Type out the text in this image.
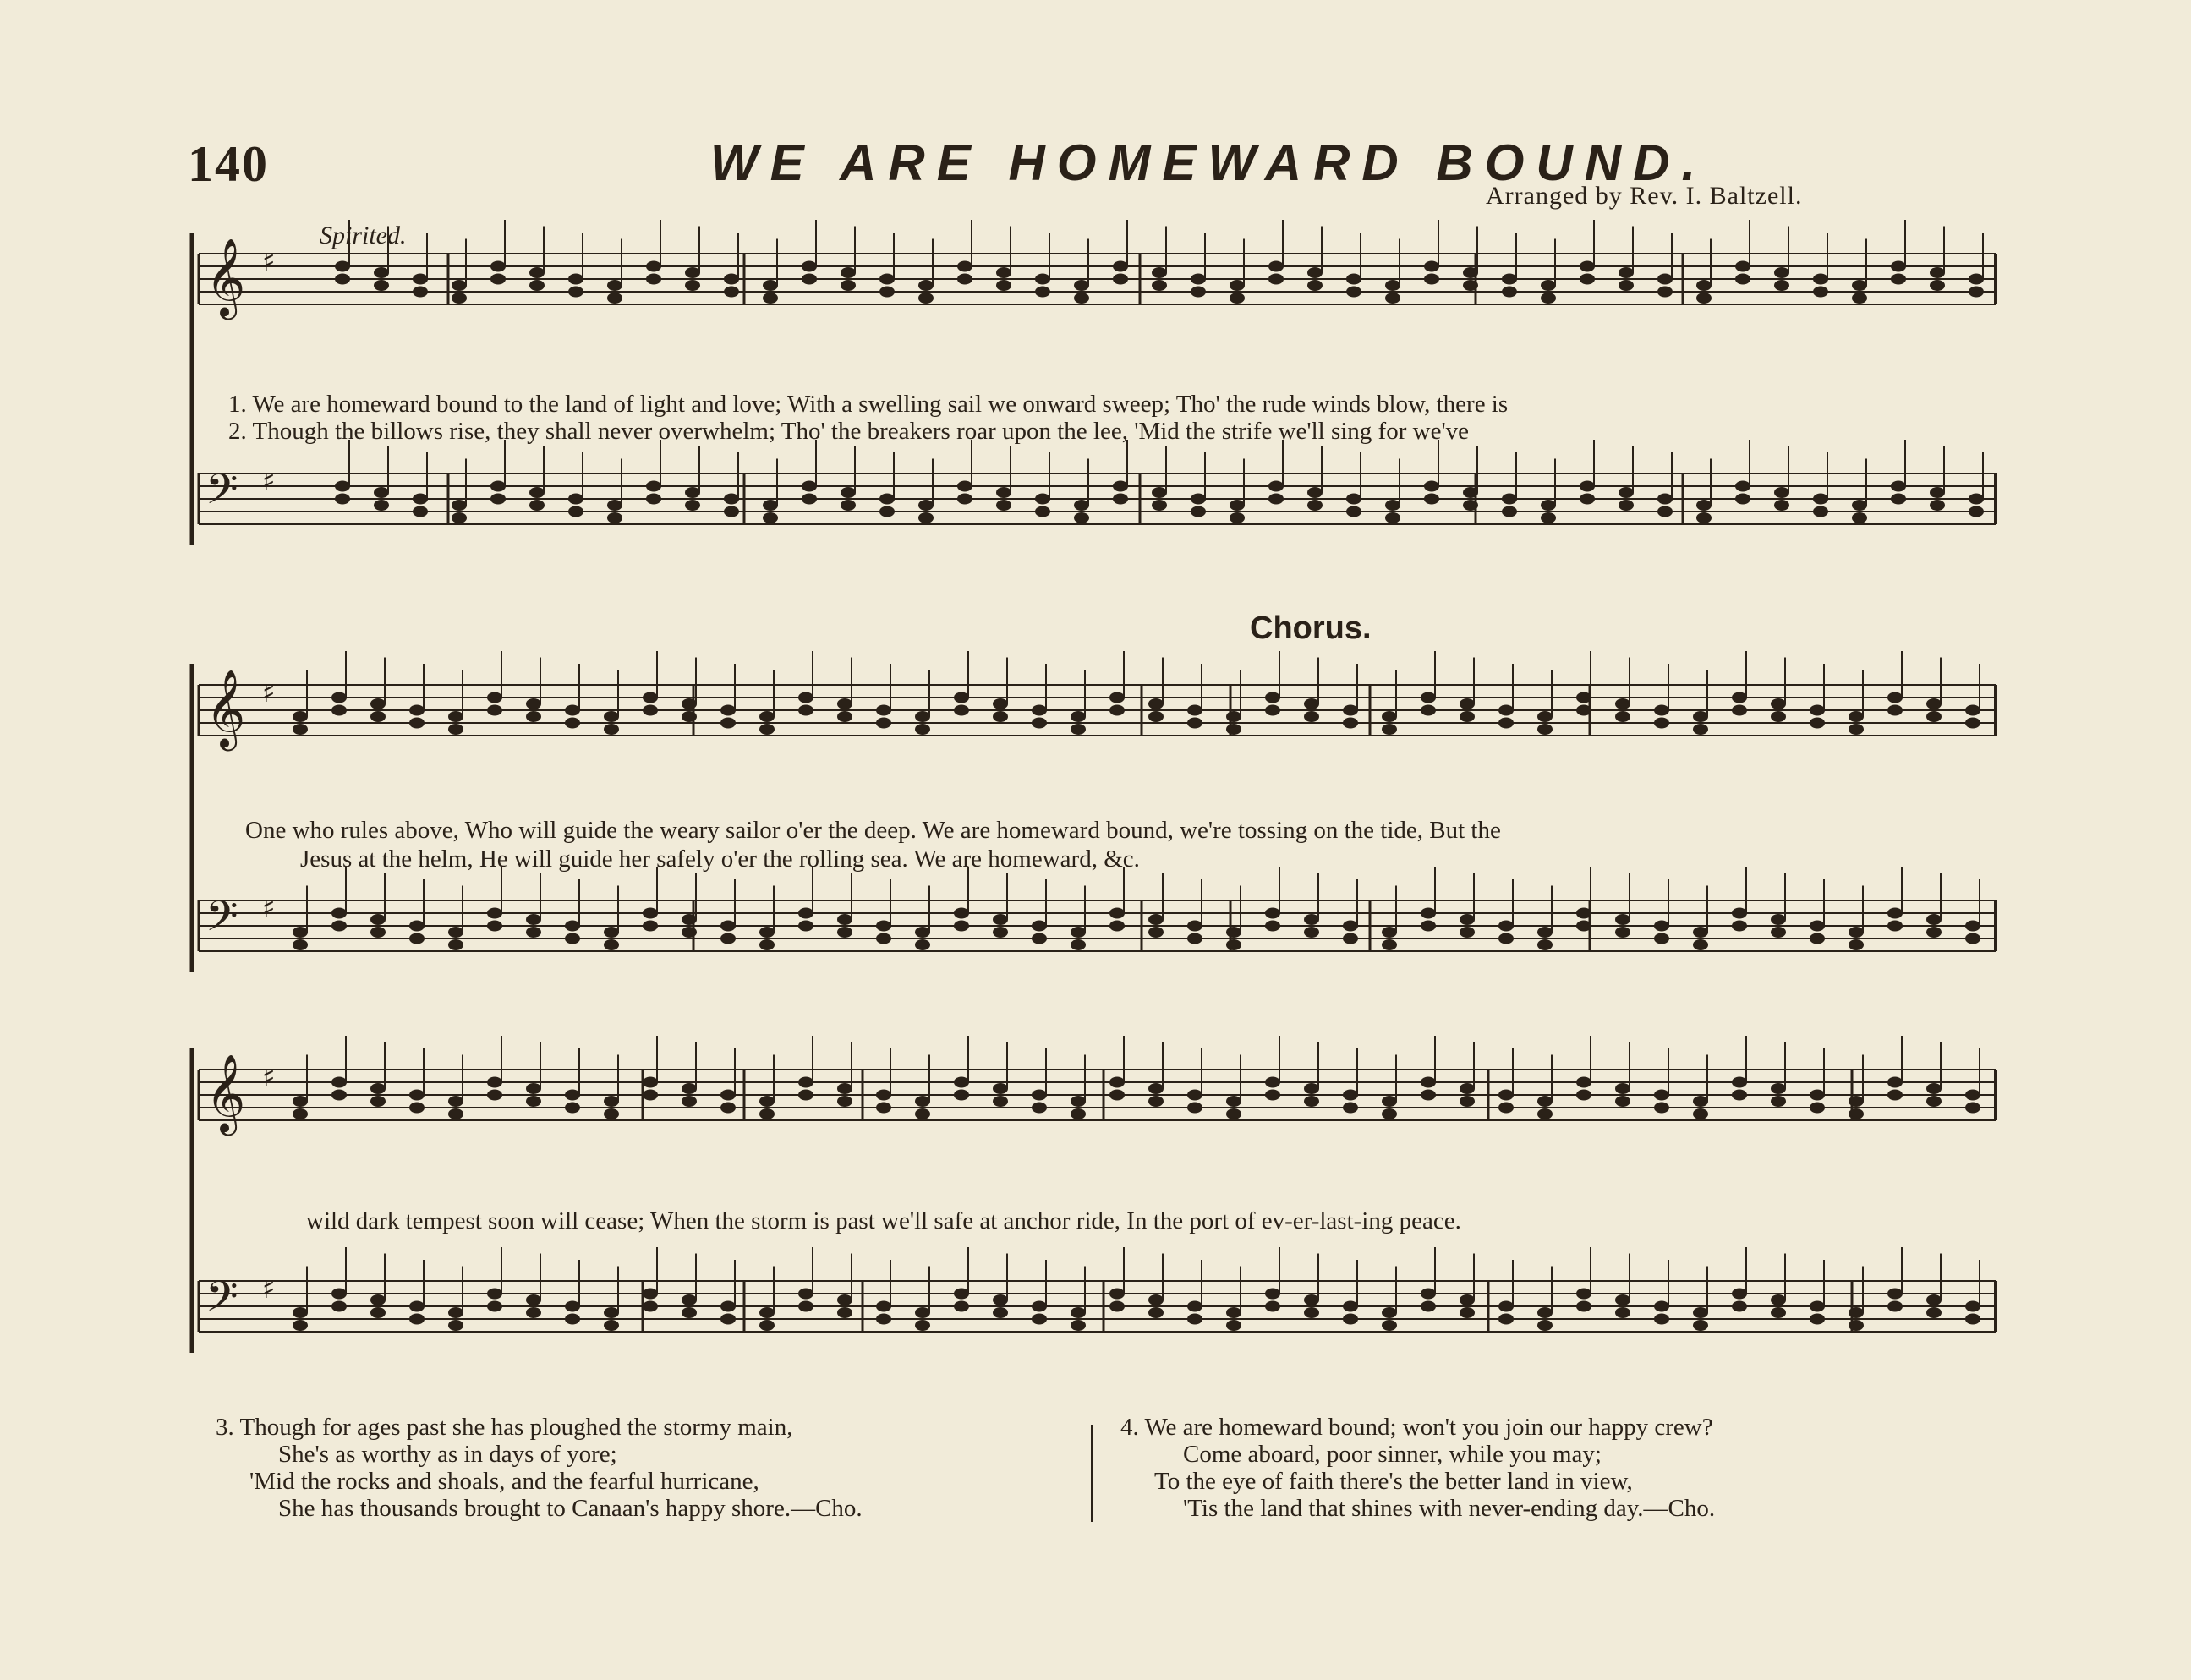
140	WE ARE HOMEWARD BOUND.
Arranged by Rev. I. Baltzell.
Spirited.
Chorus.
𝄞 ♯
𝄢 ♯
𝄞 ♯
𝄢 ♯
𝄞 ♯
𝄢 ♯
1. We are homeward bound to the land of light and love; With a swelling sail we onward sweep; Tho' the rude winds blow, there is
2. Though the billows rise, they shall never overwhelm; Tho' the breakers roar upon the lee, 'Mid the strife we'll sing for we've
One who rules above, Who will guide the weary sailor o'er the deep. We are homeward bound, we're tossing on the tide, But the
Jesus at the helm, He will guide her safely o'er the rolling sea. We are homeward, &c.
wild dark tempest soon will cease; When the storm is past we'll safe at anchor ride, In the port of ev-er-last-ing peace.
3. Though for ages past she has ploughed the stormy main,
She's as worthy as in days of yore;
'Mid the rocks and shoals, and the fearful hurricane,
She has thousands brought to Canaan's happy shore.—Cho.
4. We are homeward bound; won't you join our happy crew?
Come aboard, poor sinner, while you may;
To the eye of faith there's the better land in view,
'Tis the land that shines with never-ending day.—Cho.
